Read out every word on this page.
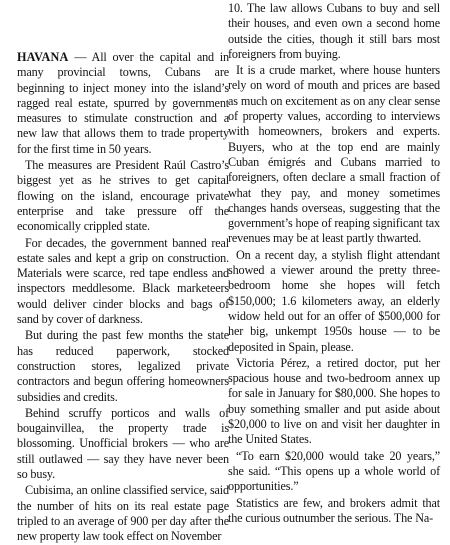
HAVANA — All over the capital and in many provincial towns, Cubans are beginning to inject money into the island’s ragged real estate, spurred by government measures to stimulate construction and a new law that allows them to trade property for the first time in 50 years.

The measures are President Raúl Castro’s biggest yet as he strives to get capital flowing on the island, encourage private enterprise and take pressure off the economically crippled state.

For decades, the government banned real estate sales and kept a grip on construction. Materials were scarce, red tape endless and inspectors meddlesome. Black marketeers would deliver cinder blocks and bags of sand by cover of darkness.

But during the past few months the state has reduced paperwork, stocked construction stores, legalized private contractors and begun offering homeowners subsidies and credits.

Behind scruffy porticos and walls of bougainvillea, the property trade is blossoming. Unofficial brokers — who are still outlawed — say they have never been so busy.

Cubisima, an online classified service, said the number of hits on its real estate page tripled to an average of 900 per day after the new property law took effect on November

10. The law allows Cubans to buy and sell their houses, and even own a second home outside the cities, though it still bars most foreigners from buying.

It is a crude market, where house hunters rely on word of mouth and prices are based as much on excitement as on any clear sense of property values, according to interviews with homeowners, brokers and experts. Buyers, who at the top end are mainly Cuban émigrés and Cubans married to foreigners, often declare a small fraction of what they pay, and money sometimes changes hands overseas, suggesting that the government’s hope of reaping significant tax revenues may be at least partly thwarted.

On a recent day, a stylish flight attendant showed a viewer around the pretty three-bedroom home she hopes will fetch $150,000; 1.6 kilometers away, an elderly widow held out for an offer of $500,000 for her big, unkempt 1950s house — to be deposited in Spain, please.

Victoria Pérez, a retired doctor, put her spacious house and two-bedroom annex up for sale in January for $80,000. She hopes to buy something smaller and put aside about $20,000 to live on and visit her daughter in the United States.

“To earn $20,000 would take 20 years,” she said. “This opens up a whole world of opportunities.”

Statistics are few, and brokers admit that the curious outnumber the serious. The Na-
